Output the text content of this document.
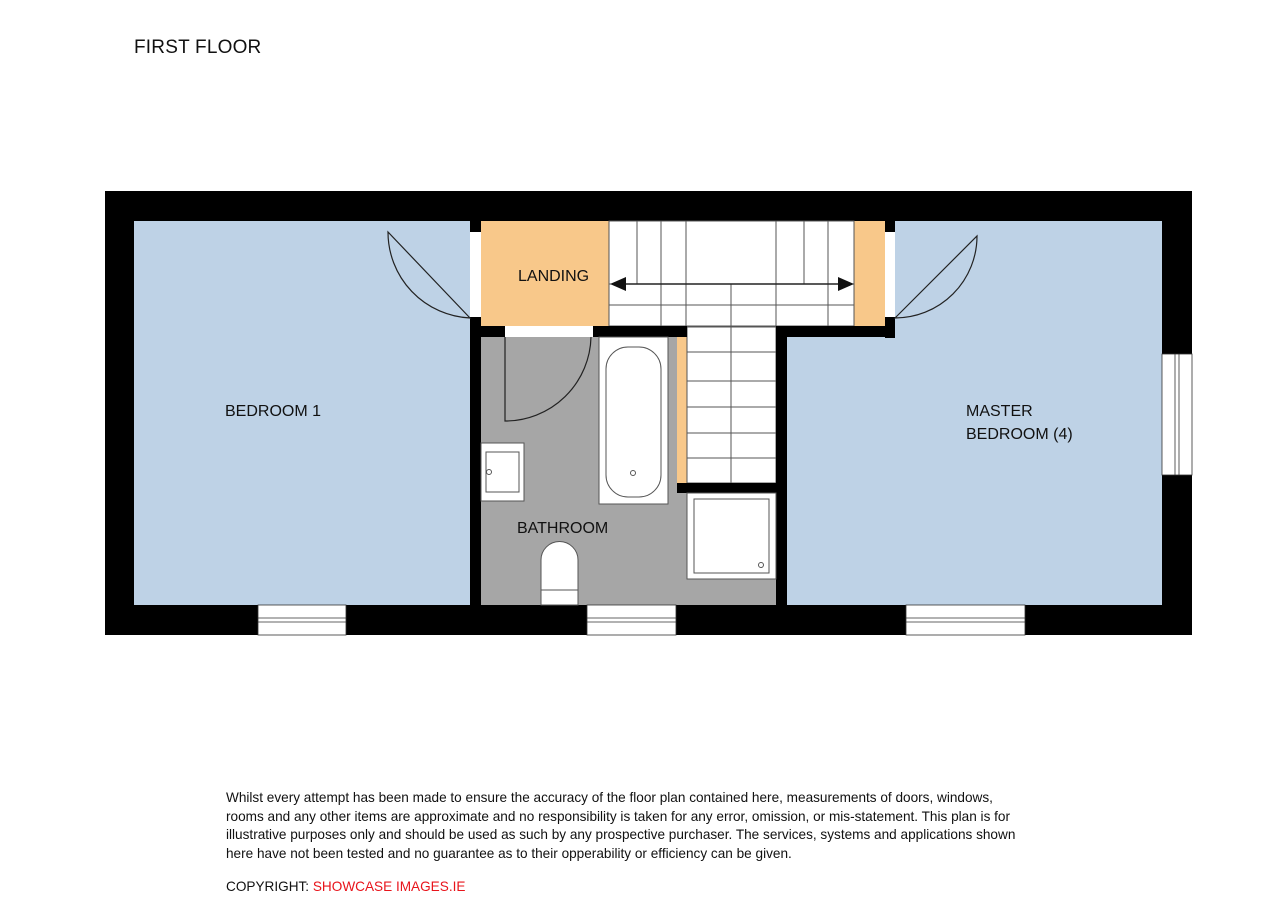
FIRST FLOOR
BEDROOM 1
LANDING
BATHROOM
MASTER
BEDROOM (4)
Whilst every attempt has been made to ensure the accuracy of the floor plan contained here, measurements of doors, windows,
rooms and any other items are approximate and no responsibility is taken for any error, omission, or mis-statement. This plan is for
illustrative purposes only and should be used as such by any prospective purchaser. The services, systems and applications shown
here have not been tested and no guarantee as to their opperability or efficiency can be given.
COPYRIGHT: SHOWCASE IMAGES.IE
